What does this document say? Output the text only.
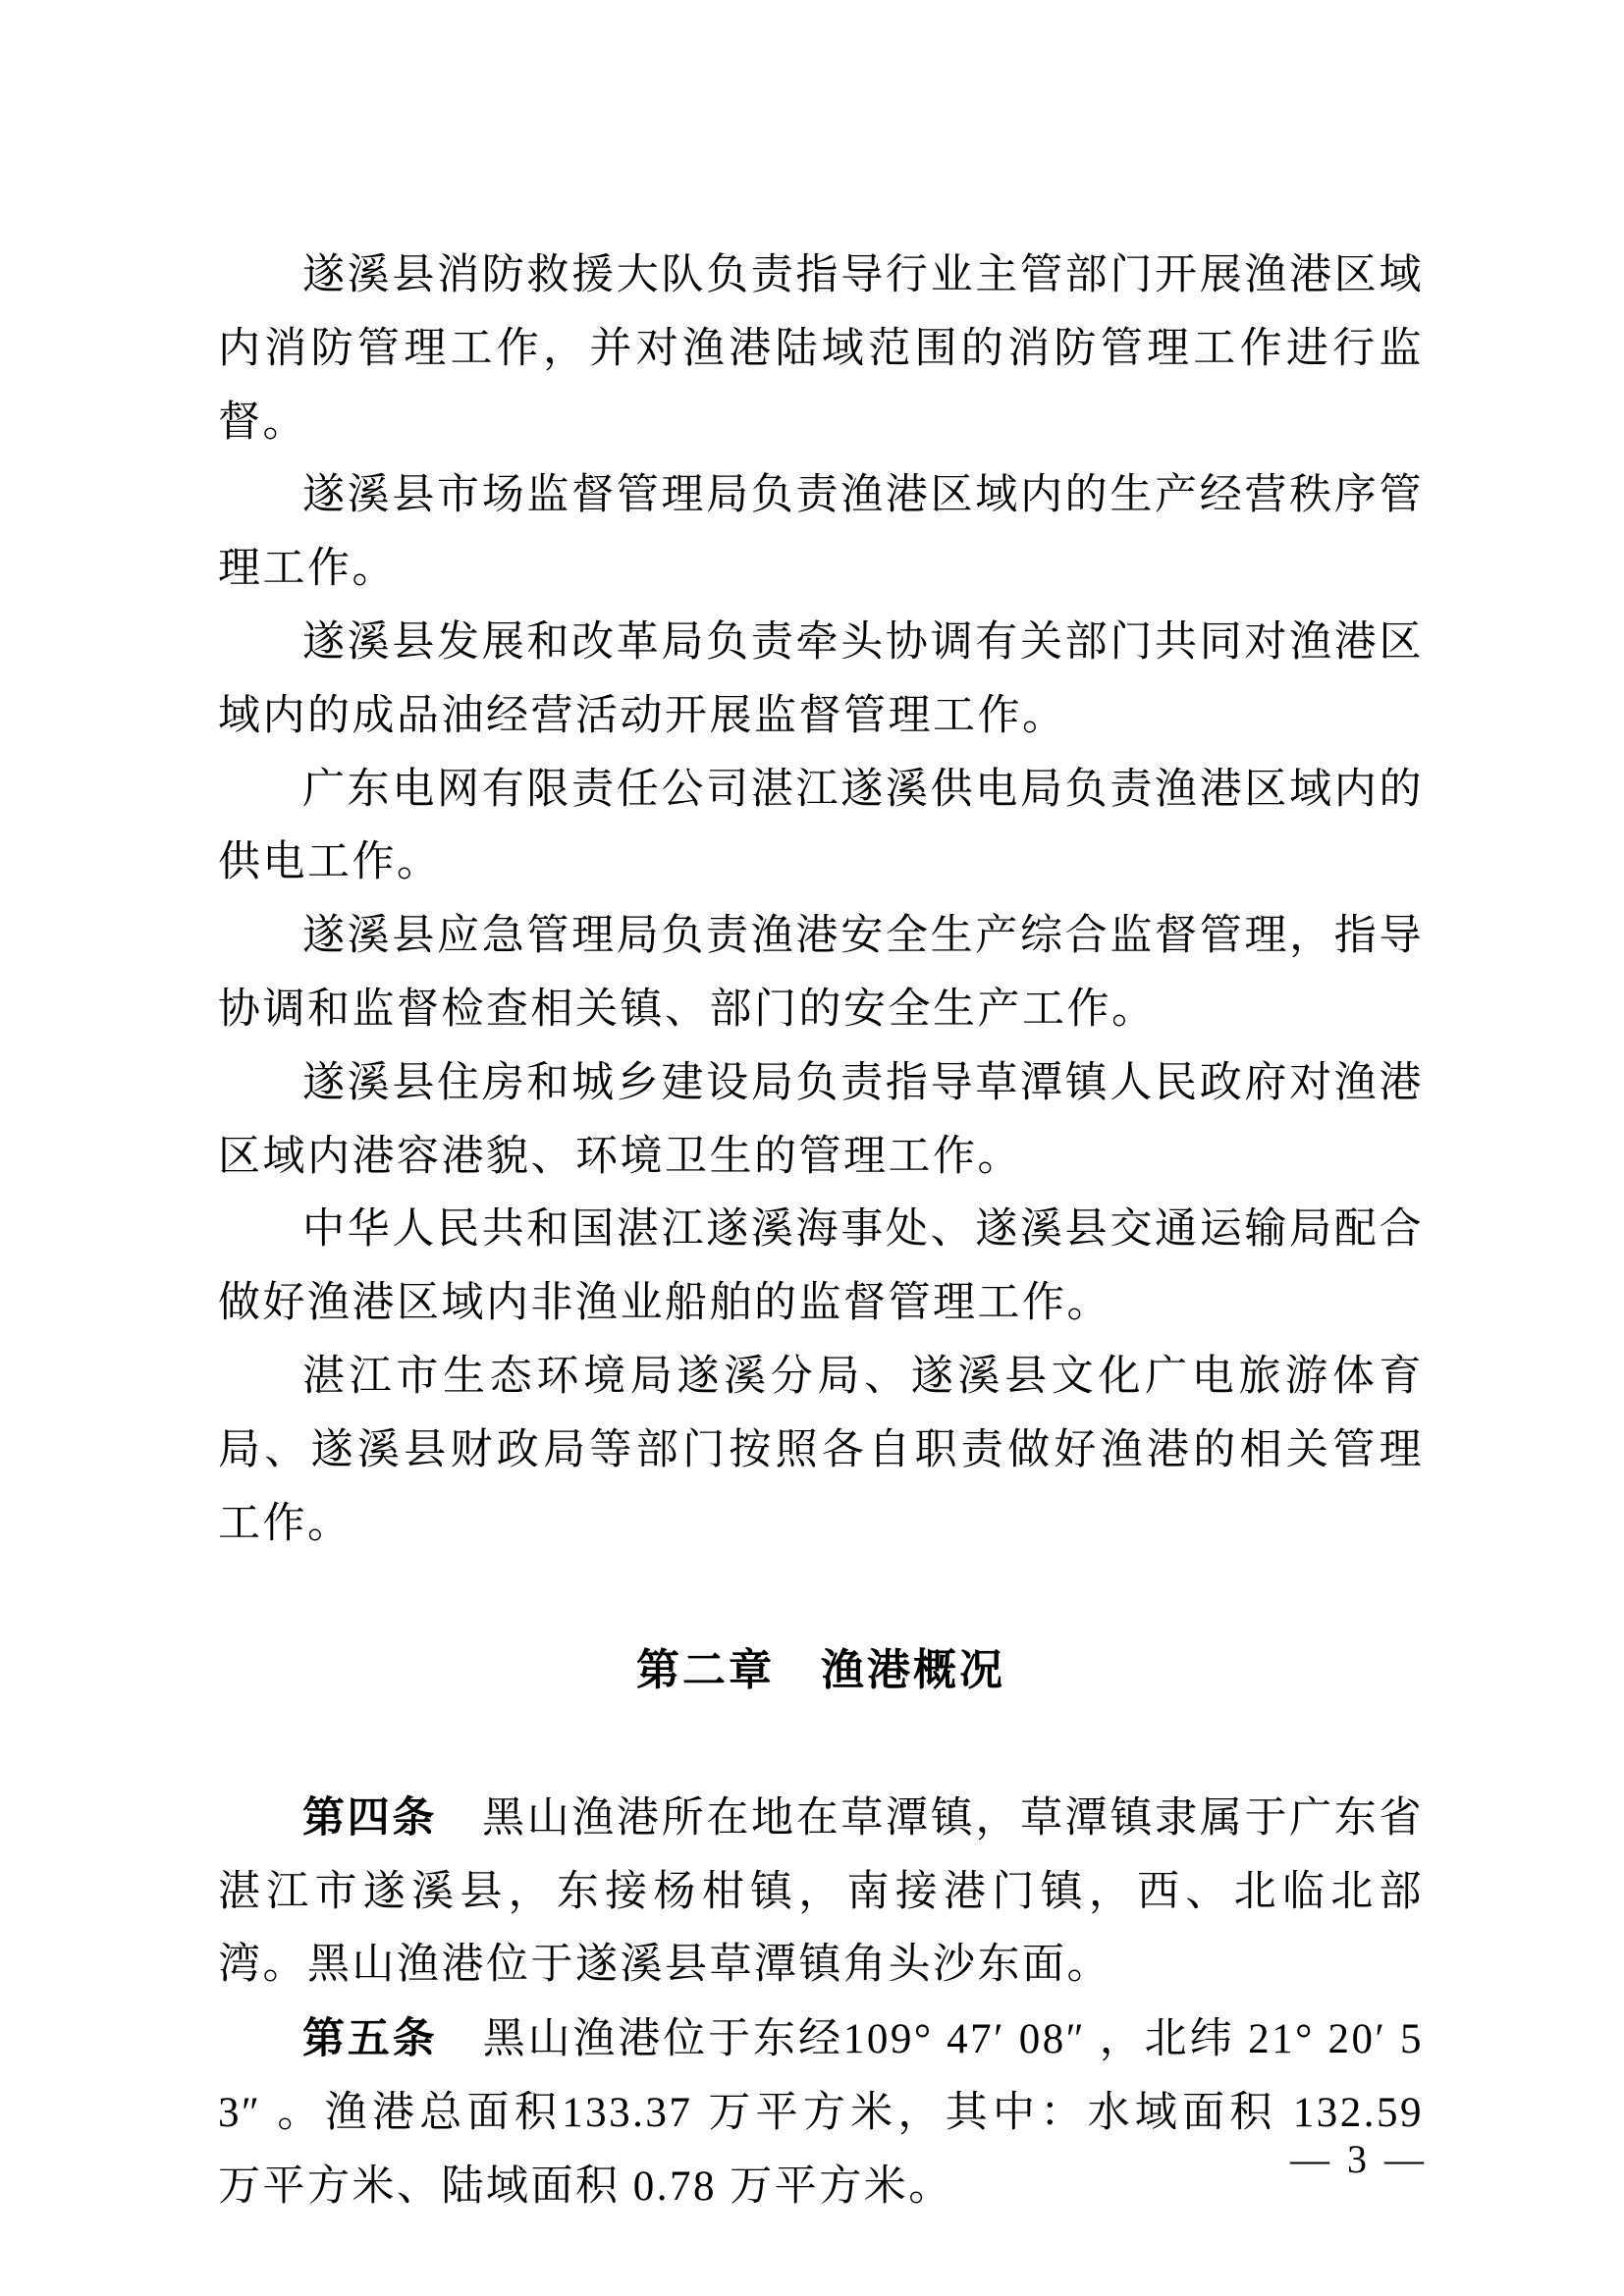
遂溪县消防救援大队负责指导行业主管部门开展渔港区域内消防管理工作，并对渔港陆域范围的消防管理工作进行监督。

遂溪县市场监督管理局负责渔港区域内的生产经营秩序管理工作。

遂溪县发展和改革局负责牵头协调有关部门共同对渔港区域内的成品油经营活动开展监督管理工作。

广东电网有限责任公司湛江遂溪供电局负责渔港区域内的供电工作。

遂溪县应急管理局负责渔港安全生产综合监督管理，指导协调和监督检查相关镇、部门的安全生产工作。

遂溪县住房和城乡建设局负责指导草潭镇人民政府对渔港区域内港容港貌、环境卫生的管理工作。

中华人民共和国湛江遂溪海事处、遂溪县交通运输局配合做好渔港区域内非渔业船舶的监督管理工作。

湛江市生态环境局遂溪分局、遂溪县文化广电旅游体育局、遂溪县财政局等部门按照各自职责做好渔港的相关管理工作。

第二章　渔港概况

第四条 黑山渔港所在地在草潭镇，草潭镇隶属于广东省湛江市遂溪县，东接杨柑镇，南接港门镇，西、北临北部湾。黑山渔港位于遂溪县草潭镇角头沙东面。

第五条 黑山渔港位于东经109° 47′ 08″ ，北纬 21° 20′ 53″ 。渔港总面积133.37 万平方米，其中：水域面积 132.59 万平方米、陆域面积 0.78 万平方米。

— 3 —
